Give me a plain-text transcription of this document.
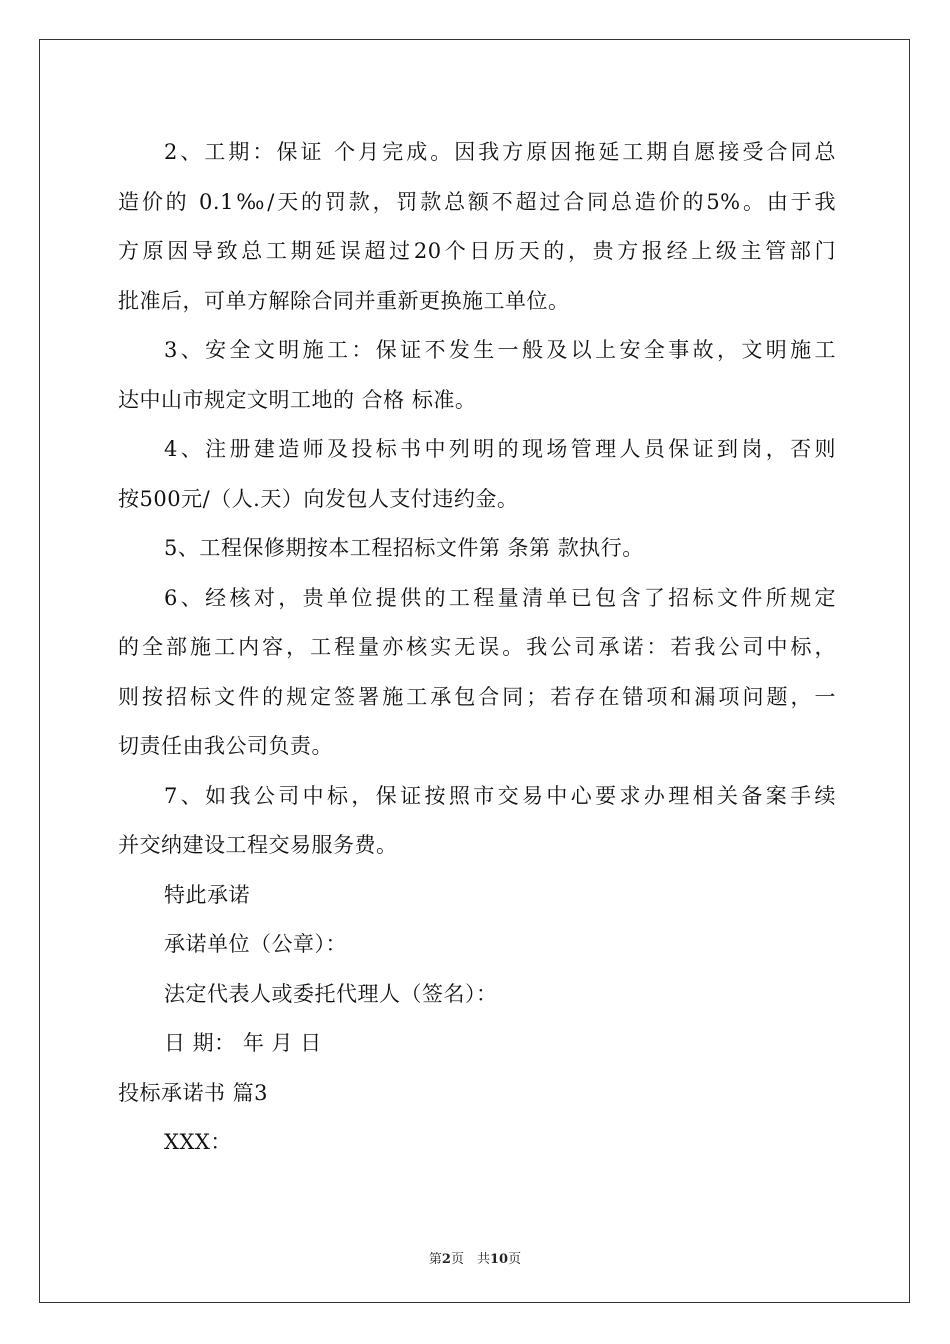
2、工期：保证 个月完成。因我方原因拖延工期自愿接受合同总
造价的 0.1‰/天的罚款，罚款总额不超过合同总造价的5%。由于我
方原因导致总工期延误超过20个日历天的，贵方报经上级主管部门
批准后，可单方解除合同并重新更换施工单位。
3、安全文明施工：保证不发生一般及以上安全事故，文明施工
达中山市规定文明工地的 合格 标准。
4、注册建造师及投标书中列明的现场管理人员保证到岗，否则
按500元/（人.天）向发包人支付违约金。
5、工程保修期按本工程招标文件第 条第 款执行。
6、经核对，贵单位提供的工程量清单已包含了招标文件所规定
的全部施工内容，工程量亦核实无误。我公司承诺：若我公司中标，
则按招标文件的规定签署施工承包合同；若存在错项和漏项问题，一
切责任由我公司负责。
7、如我公司中标，保证按照市交易中心要求办理相关备案手续
并交纳建设工程交易服务费。
特此承诺
承诺单位（公章）：
法定代表人或委托代理人（签名）：
日 期： 年 月 日
投标承诺书 篇3
XXX：
第2页　共10页
